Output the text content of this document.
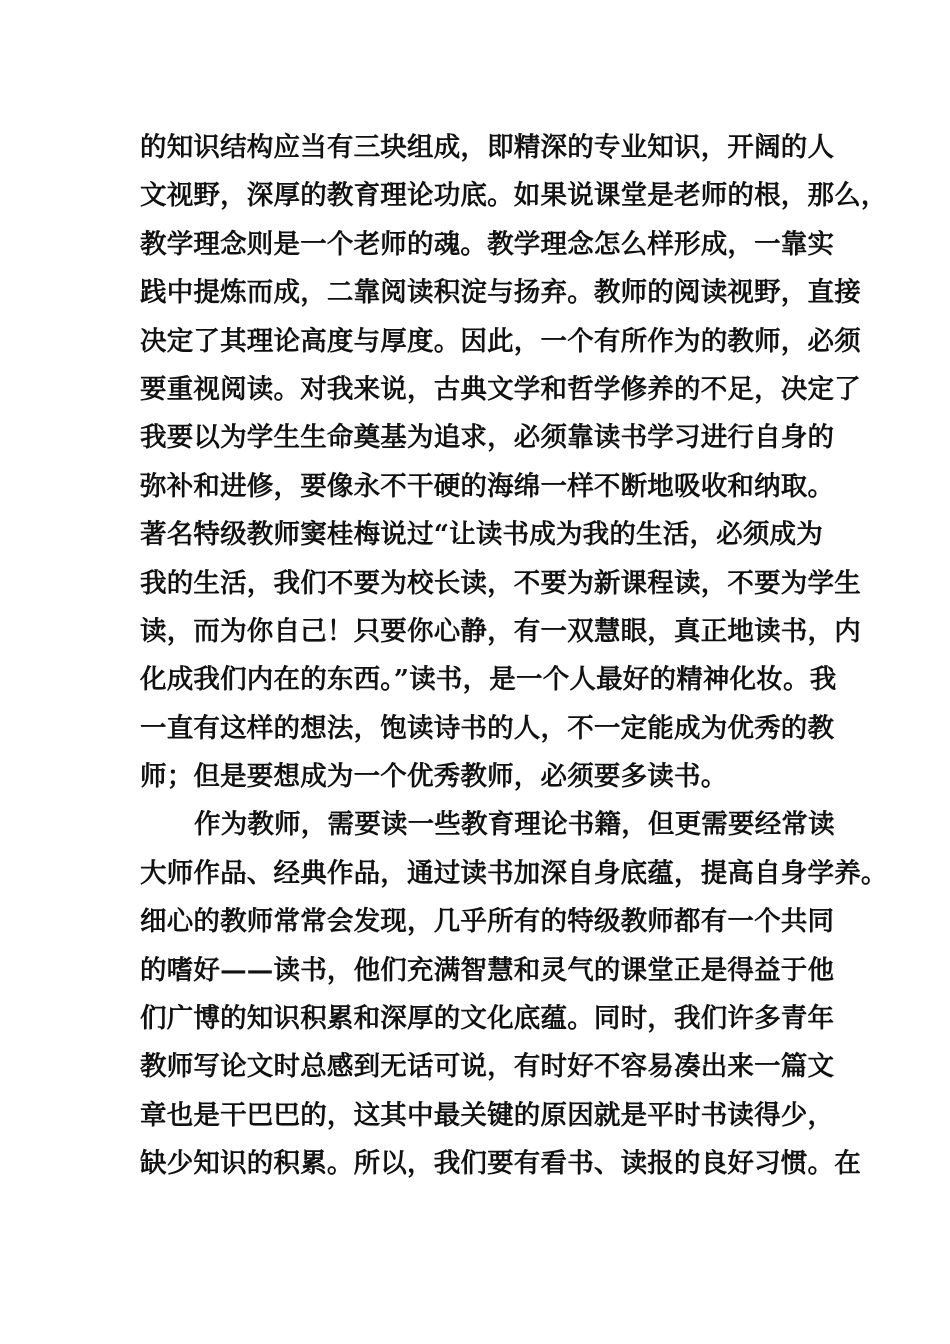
的知识结构应当有三块组成，即精深的专业知识，开阔的人
文视野，深厚的教育理论功底。如果说课堂是老师的根，那么，
教学理念则是一个老师的魂。教学理念怎么样形成，一靠实
践中提炼而成，二靠阅读积淀与扬弃。教师的阅读视野，直接
决定了其理论高度与厚度。因此，一个有所作为的教师，必须
要重视阅读。对我来说，古典文学和哲学修养的不足，决定了
我要以为学生生命奠基为追求，必须靠读书学习进行自身的
弥补和进修，要像永不干硬的海绵一样不断地吸收和纳取。
著名特级教师窦桂梅说过“让读书成为我的生活，必须成为
我的生活，我们不要为校长读，不要为新课程读，不要为学生
读，而为你自己！只要你心静，有一双慧眼，真正地读书，内
化成我们内在的东西。”读书，是一个人最好的精神化妆。我
一直有这样的想法，饱读诗书的人，不一定能成为优秀的教
师；但是要想成为一个优秀教师，必须要多读书。
作为教师，需要读一些教育理论书籍，但更需要经常读
大师作品、经典作品，通过读书加深自身底蕴，提高自身学养。
细心的教师常常会发现，几乎所有的特级教师都有一个共同
的嗜好——读书，他们充满智慧和灵气的课堂正是得益于他
们广博的知识积累和深厚的文化底蕴。同时，我们许多青年
教师写论文时总感到无话可说，有时好不容易凑出来一篇文
章也是干巴巴的，这其中最关键的原因就是平时书读得少，
缺少知识的积累。所以，我们要有看书、读报的良好习惯。在
